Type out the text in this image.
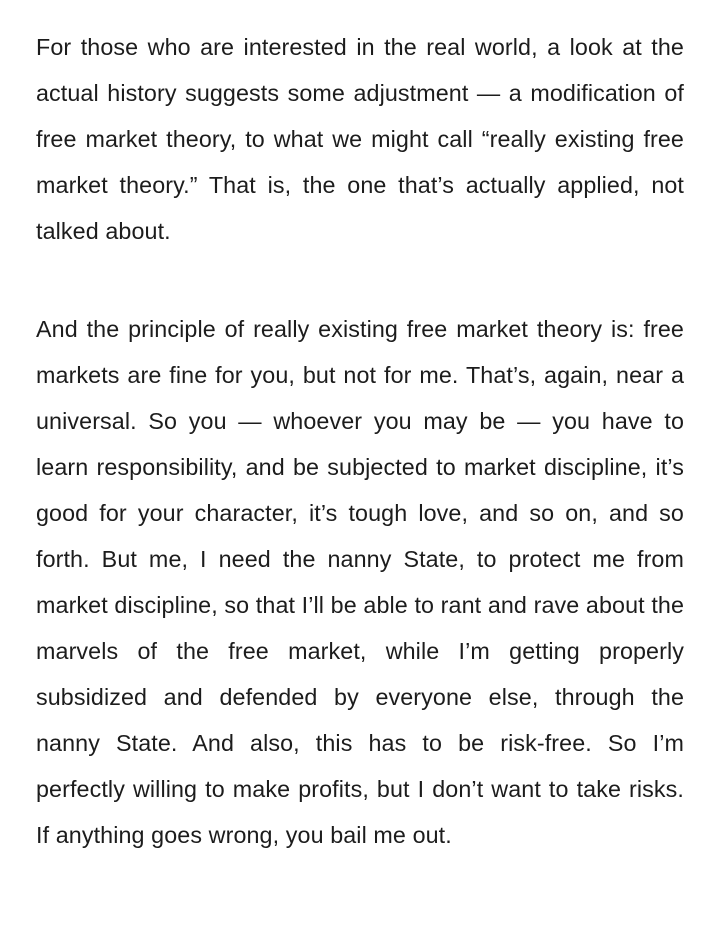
For those who are interested in the real world, a look at the actual history suggests some adjustment — a modification of free market theory, to what we might call “really existing free market theory.” That is, the one that’s actually applied, not talked about.

And the principle of really existing free market theory is: free markets are fine for you, but not for me. That’s, again, near a universal. So you — whoever you may be — you have to learn responsibility, and be subjected to market discipline, it’s good for your character, it’s tough love, and so on, and so forth. But me, I need the nanny State, to protect me from market discipline, so that I’ll be able to rant and rave about the marvels of the free market, while I’m getting properly subsidized and defended by everyone else, through the nanny State. And also, this has to be risk-free. So I’m perfectly willing to make profits, but I don’t want to take risks. If anything goes wrong, you bail me out.
